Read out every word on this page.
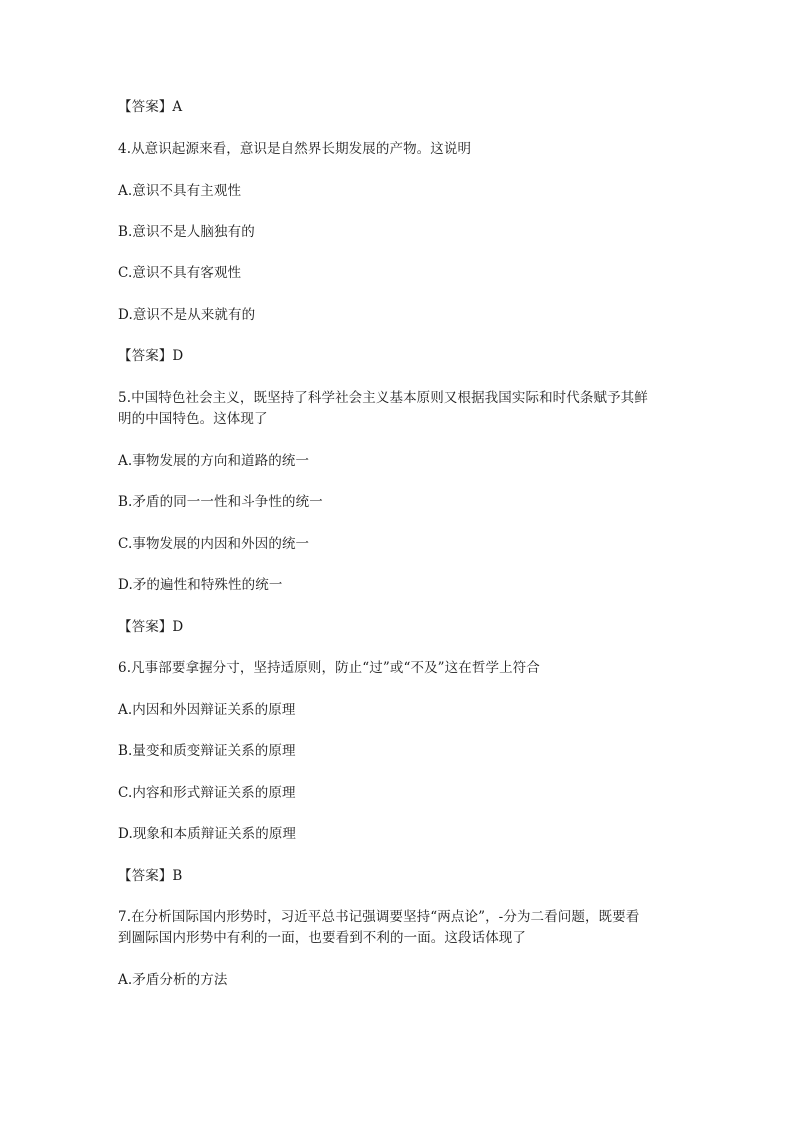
【答案】A
4.从意识起源来看，意识是自然界长期发展的产物。这说明
A.意识不具有主观性
B.意识不是人脑独有的
C.意识不具有客观性
D.意识不是从来就有的
【答案】D
5.中国特色社会主义，既坚持了科学社会主义基本原则又根据我国实际和时代条赋予其鲜
明的中国特色。这体现了
A.事物发展的方向和道路的统一
B.矛盾的同一一性和斗争性的统一
C.事物发展的内因和外因的统一
D.矛的遍性和特殊性的统一
【答案】D
6.凡事部要拿握分寸，坚持适原则，防止“过”或“不及”这在哲学上符合
A.内因和外因辩证关系的原理
B.量变和质变辩证关系的原理
C.内容和形式辩证关系的原理
D.现象和本质辩证关系的原理
【答案】B
7.在分析国际国内形势时，习近平总书记强调要坚持“两点论”，-分为二看问题，既要看
到圖际国内形势中有利的一面，也要看到不利的一面。这段话体现了
A.矛盾分析的方法
